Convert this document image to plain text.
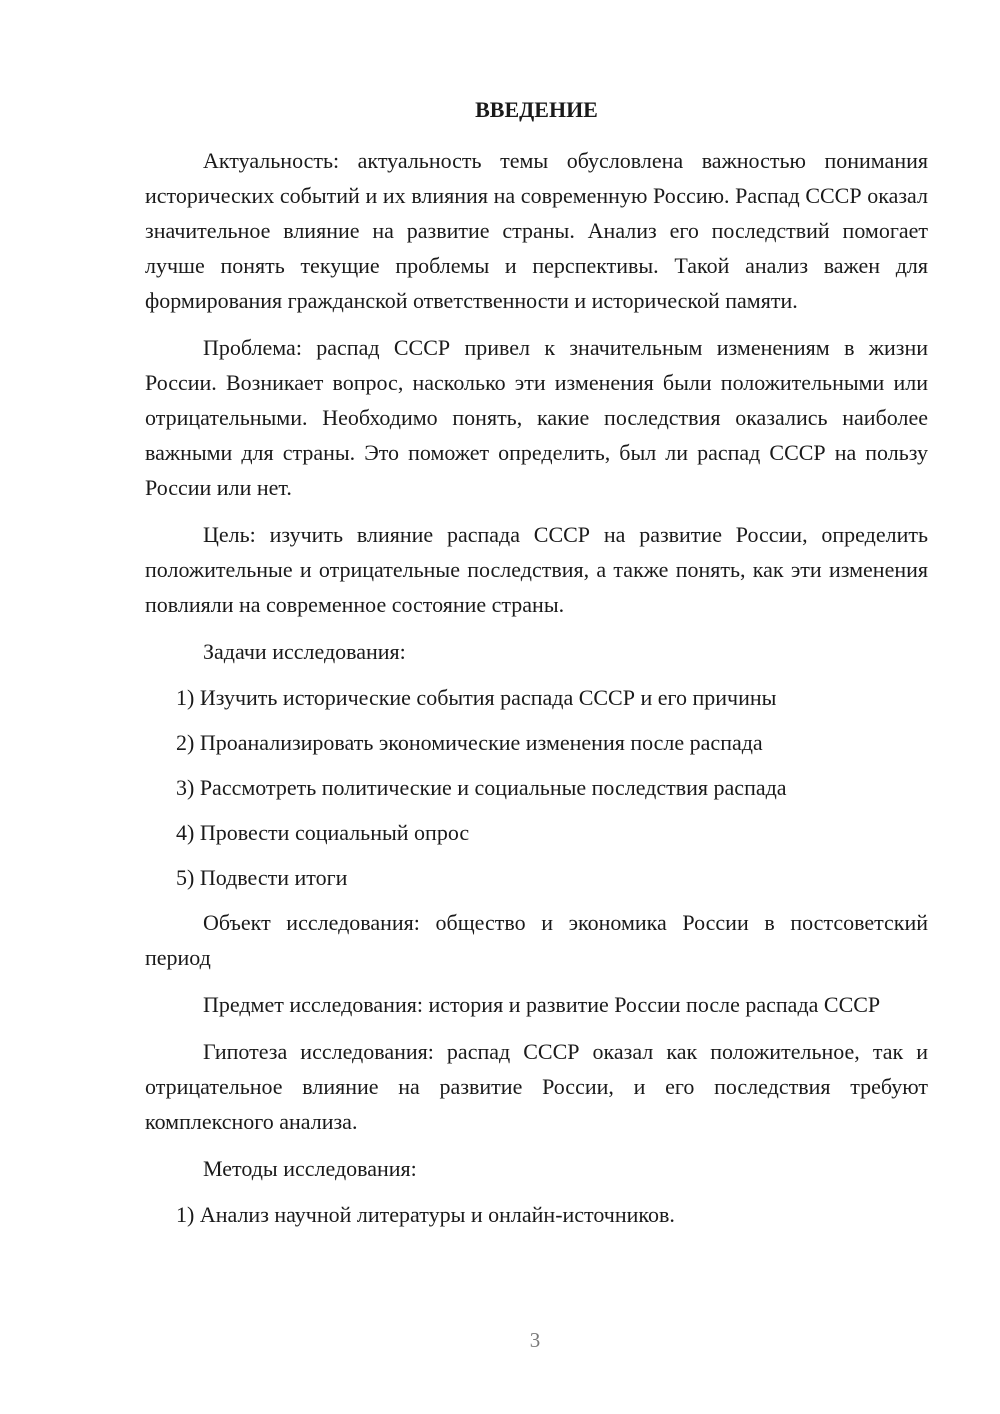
ВВЕДЕНИЕ

Актуальность: актуальность темы обусловлена важностью понимания исторических событий и их влияния на современную Россию. Распад СССР оказал значительное влияние на развитие страны. Анализ его последствий помогает лучше понять текущие проблемы и перспективы. Такой анализ важен для формирования гражданской ответственности и исторической памяти.

Проблема: распад СССР привел к значительным изменениям в жизни России. Возникает вопрос, насколько эти изменения были положительными или отрицательными. Необходимо понять, какие последствия оказались наиболее важными для страны. Это поможет определить, был ли распад СССР на пользу России или нет.

Цель: изучить влияние распада СССР на развитие России, определить положительные и отрицательные последствия, а также понять, как эти изменения повлияли на современное состояние страны.

Задачи исследования:

1) Изучить исторические события распада СССР и его причины
2) Проанализировать экономические изменения после распада
3) Рассмотреть политические и социальные последствия распада
4) Провести социальный опрос
5) Подвести итоги

Объект исследования: общество и экономика России в постсоветский период

Предмет исследования: история и развитие России после распада СССР

Гипотеза исследования: распад СССР оказал как положительное, так и отрицательное влияние на развитие России, и его последствия требуют комплексного анализа.

Методы исследования:

1) Анализ научной литературы и онлайн-источников.
3
